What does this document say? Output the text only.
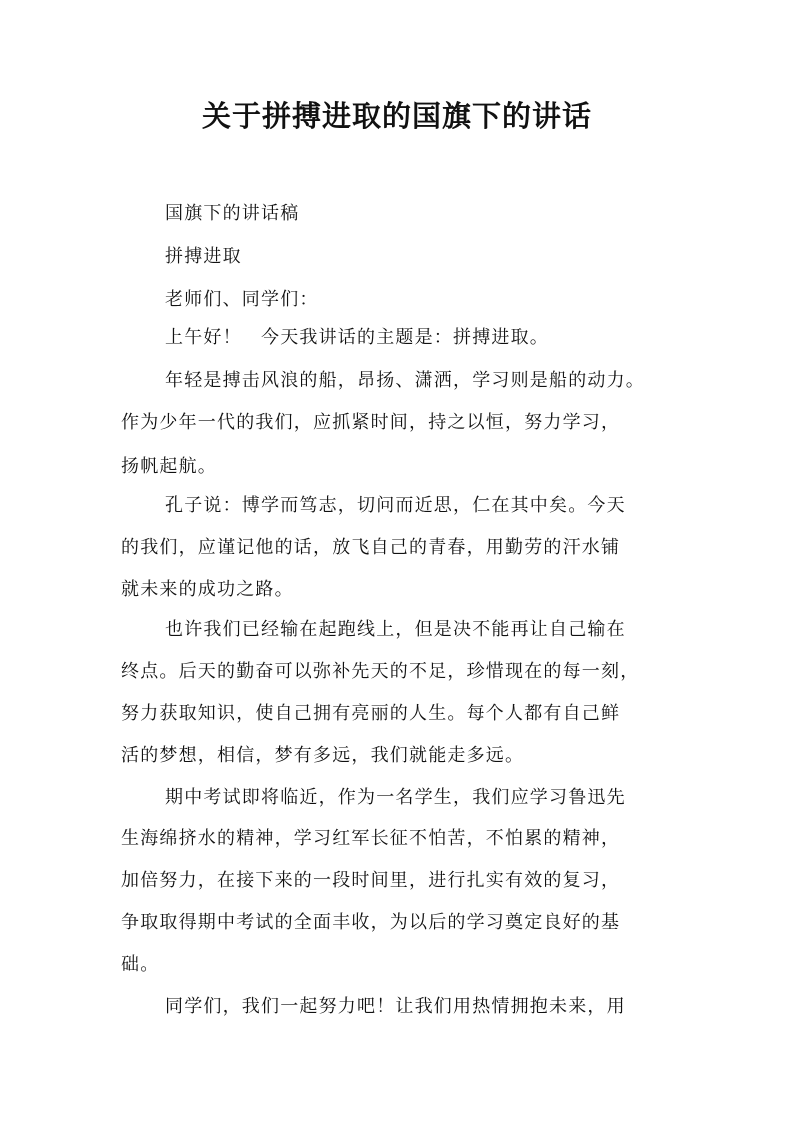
关于拼搏进取的国旗下的讲话
国旗下的讲话稿
拼搏进取
老师们、同学们：
上午好！　今天我讲话的主题是：拼搏进取。
年轻是搏击风浪的船，昂扬、潇洒，学习则是船的动力。
作为少年一代的我们，应抓紧时间，持之以恒，努力学习，
扬帆起航。
孔子说：博学而笃志，切问而近思，仁在其中矣。今天
的我们，应谨记他的话，放飞自己的青春，用勤劳的汗水铺
就未来的成功之路。
也许我们已经输在起跑线上，但是决不能再让自己输在
终点。后天的勤奋可以弥补先天的不足，珍惜现在的每一刻，
努力获取知识，使自己拥有亮丽的人生。每个人都有自己鲜
活的梦想，相信，梦有多远，我们就能走多远。
期中考试即将临近，作为一名学生，我们应学习鲁迅先
生海绵挤水的精神，学习红军长征不怕苦，不怕累的精神，
加倍努力，在接下来的一段时间里，进行扎实有效的复习，
争取取得期中考试的全面丰收，为以后的学习奠定良好的基
础。
同学们，我们一起努力吧！让我们用热情拥抱未来，用
